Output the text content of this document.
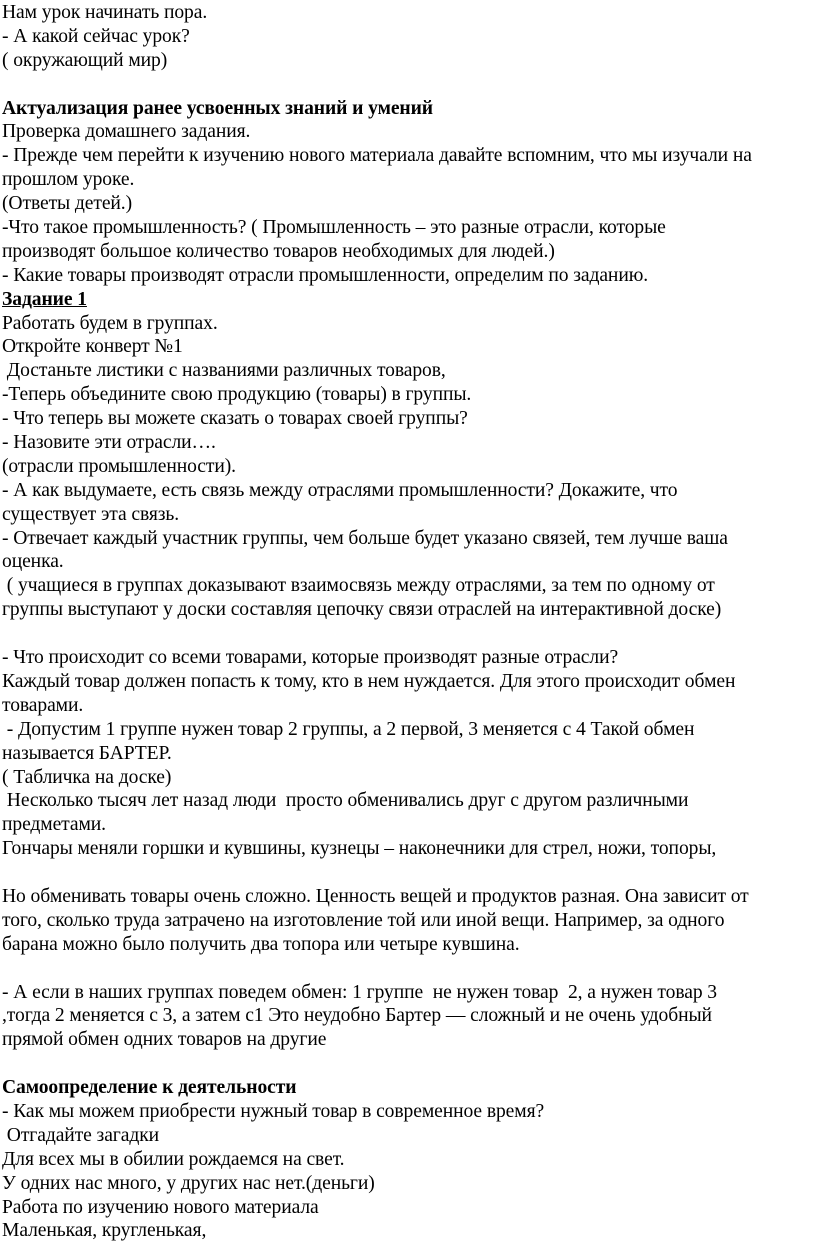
Нам урок начинать пора.
- А какой сейчас урок?
( окружающий мир)
Актуализация ранее усвоенных знаний и умений
Проверка домашнего задания.
- Прежде чем перейти к изучению нового материала давайте вспомним, что мы изучали на
прошлом уроке.
(Ответы детей.)
-Что такое промышленность? ( Промышленность – это разные отрасли, которые
производят большое количество товаров необходимых для людей.)
- Какие товары производят отрасли промышленности, определим по заданию.
Задание 1
Работать будем в группах.
Откройте конверт №1
Достаньте листики с названиями различных товаров,
-Теперь объедините свою продукцию (товары) в группы.
- Что теперь вы можете сказать о товарах своей группы?
- Назовите эти отрасли….
(отрасли промышленности).
- А как выдумаете, есть связь между отраслями промышленности? Докажите, что
существует эта связь.
- Отвечает каждый участник группы, чем больше будет указано связей, тем лучше ваша
оценка.
( учащиеся в группах доказывают взаимосвязь между отраслями, за тем по одному от
группы выступают у доски составляя цепочку связи отраслей на интерактивной доске)
- Что происходит со всеми товарами, которые производят разные отрасли?
Каждый товар должен попасть к тому, кто в нем нуждается. Для этого происходит обмен
товарами.
- Допустим 1 группе нужен товар 2 группы, а 2 первой, 3 меняется с 4 Такой обмен
называется БАРТЕР.
( Табличка на доске)
Несколько тысяч лет назад люди  просто обменивались друг с другом различными
предметами.
Гончары меняли горшки и кувшины, кузнецы – наконечники для стрел, ножи, топоры,
Но обменивать товары очень сложно. Ценность вещей и продуктов разная. Она зависит от
того, сколько труда затрачено на изготовление той или иной вещи. Например, за одного
барана можно было получить два топора или четыре кувшина.
- А если в наших группах поведем обмен: 1 группе  не нужен товар  2, а нужен товар 3
,тогда 2 меняется с 3, а затем с1 Это неудобно Бартер — сложный и не очень удобный
прямой обмен одних товаров на другие
Самоопределение к деятельности
- Как мы можем приобрести нужный товар в современное время?
Отгадайте загадки
Для всех мы в обилии рождаемся на свет.
У одних нас много, у других нас нет.(деньги)
Работа по изучению нового материала
Маленькая, кругленькая,
